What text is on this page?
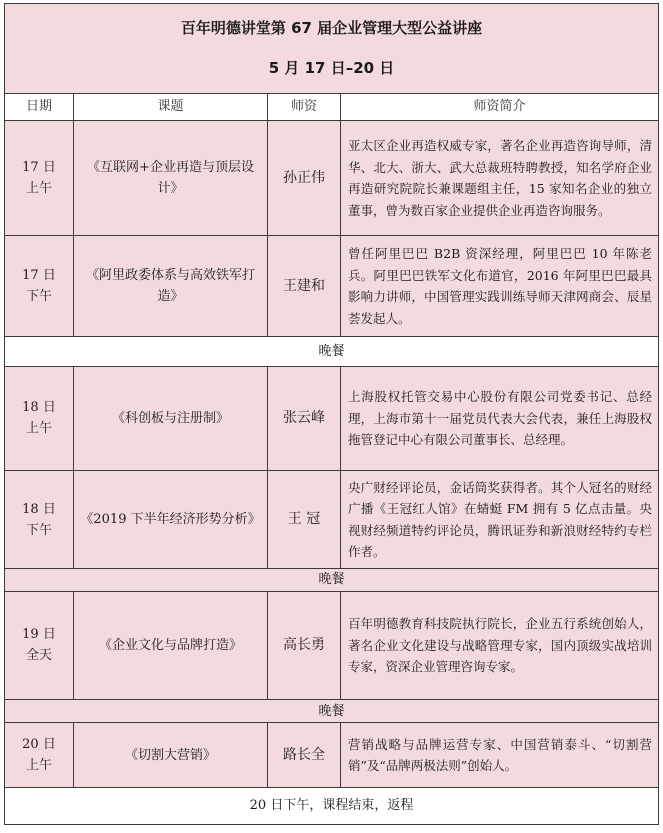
百年明德讲堂第 67 届企业管理大型公益讲座
5 月 17 日–20 日			

日期	课题	师资	师资简介

17 日
上午	《互联网+企业再造与顶层设计》	孙正伟	亚太区企业再造权威专家，著名企业再造咨询导师，清华、北大、浙大、武大总裁班特聘教授，知名学府企业再造研究院院长兼课题组主任，15 家知名企业的独立董事，曾为数百家企业提供企业再造咨询服务。

17 日
下午	《阿里政委体系与高效铁军打造》	王建和	曾任阿里巴巴 B2B 资深经理，阿里巴巴 10 年陈老兵。阿里巴巴铁军文化布道官，2016 年阿里巴巴最具影响力讲师，中国管理实践训练导师天津网商会、辰星荟发起人。
晚餐			

18 日
上午	《科创板与注册制》	张云峰	上海股权托管交易中心股份有限公司党委书记、总经理，上海市第十一届党员代表大会代表，兼任上海股权拖管登记中心有限公司董事长、总经理。

18 日
下午	《2019 下半年经济形势分析》	王 冠	央广财经评论员，金话筒奖获得者。其个人冠名的财经广播《王冠红人馆》在蜻蜓 FM 拥有 5 亿点击量。央视财经频道特约评论员，腾讯证券和新浪财经特约专栏作者。
晚餐			

19 日
全天	《企业文化与品牌打造》	高长勇	百年明德教育科技院执行院长，企业五行系统创始人，著名企业文化建设与战略管理专家，国内顶级实战培训专家，资深企业管理咨询专家。
晚餐			

20 日
上午	《切割大营销》	路长全	营销战略与品牌运营专家、中国营销泰斗、“切割营销”及“品牌两极法则”创始人。
20 日下午，课程结束，返程			
